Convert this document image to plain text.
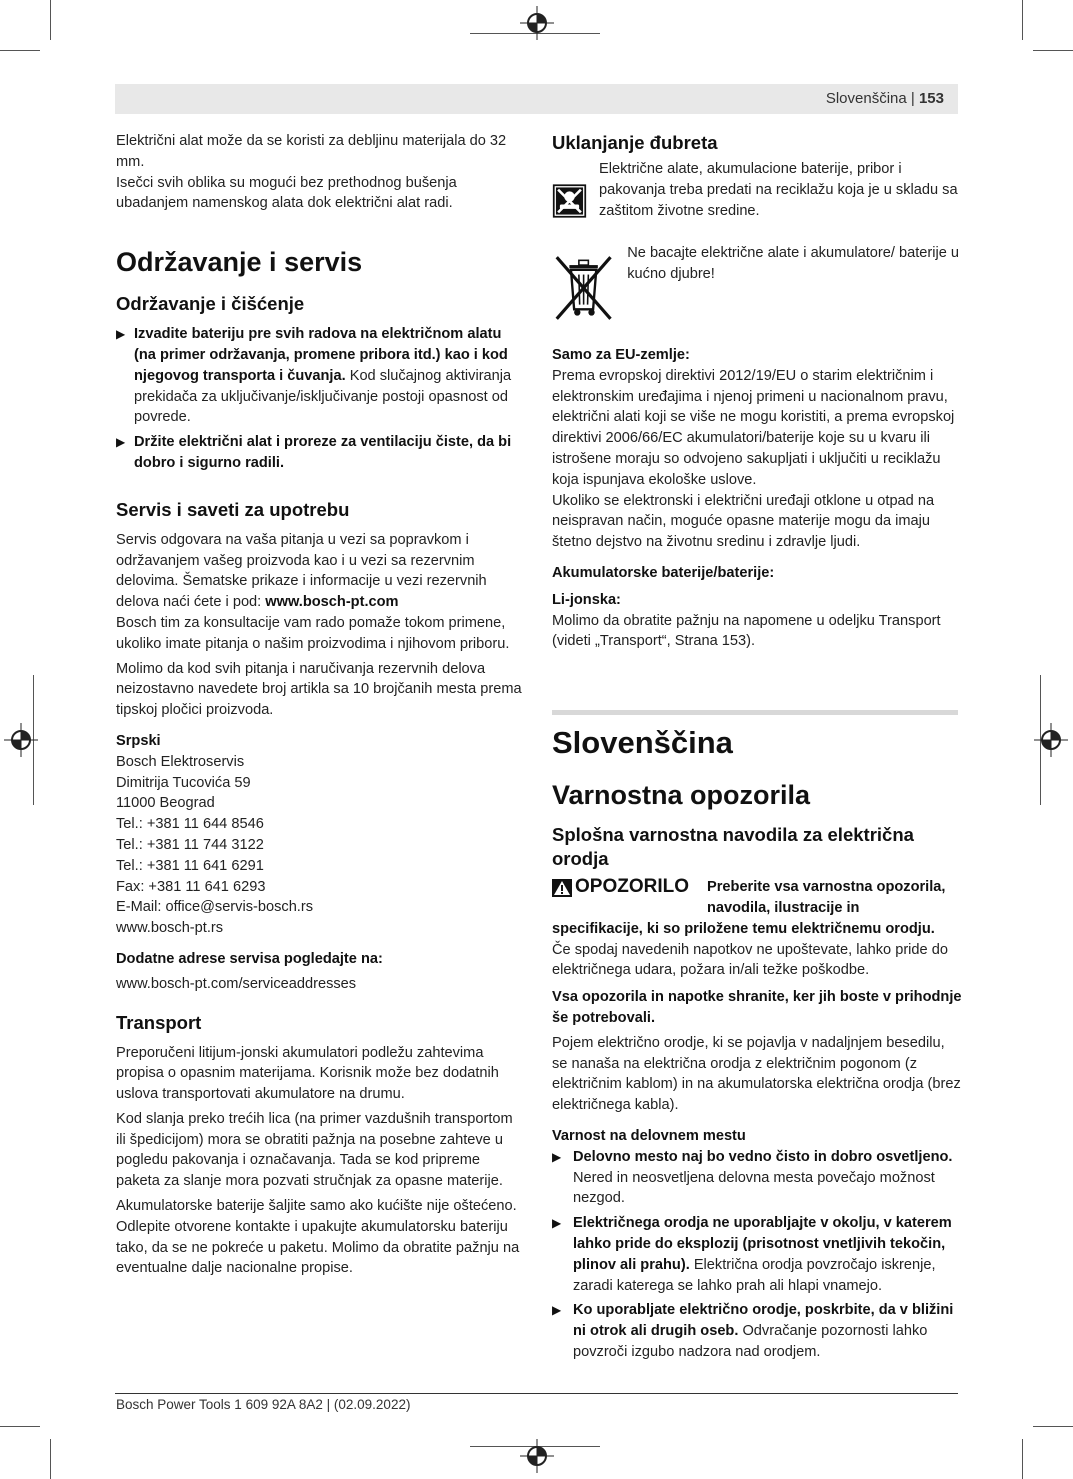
Slovenščina | 153

Električni alat može da se koristi za debljinu materijala do 32 mm.

Isečci svih oblika su mogući bez prethodnog bušenja ubadanjem namenskog alata dok električni alat radi.

Održavanje i servis
Održavanje i čišćenje
▶ Izvadite bateriju pre svih radova na električnom alatu (na primer održavanja, promene pribora itd.) kao i kod njegovog transporta i čuvanja. Kod slučajnog aktiviranja prekidača za uključivanje/isključivanje postoji opasnost od povrede.
▶ Držite električni alat i proreze za ventilaciju čiste, da bi dobro i sigurno radili.
Servis i saveti za upotrebu

Servis odgovara na vaša pitanja u vezi sa popravkom i održavanjem vašeg proizvoda kao i u vezi sa rezervnim delovima. Šematske prikaze i informacije u vezi rezervnih delova naći ćete i pod: www.bosch-pt.com

Bosch tim za konsultacije vam rado pomaže tokom primene, ukoliko imate pitanja o našim proizvodima i njihovom priboru.

Molimo da kod svih pitanja i naručivanja rezervnih delova neizostavno navedete broj artikla sa 10 brojčanih mesta prema tipskoj pločici proizvoda.

Srpski
Bosch Elektroservis
Dimitrija Tucovića 59
11000 Beograd
Tel.: +381 11 644 8546
Tel.: +381 11 744 3122
Tel.: +381 11 641 6291
Fax: +381 11 641 6293
E-Mail: office@servis-bosch.rs
www.bosch-pt.rs
Dodatne adrese servisa pogledajte na:

www.bosch-pt.com/serviceaddresses

Transport

Preporučeni litijum-jonski akumulatori podležu zahtevima propisa o opasnim materijama. Korisnik može bez dodatnih uslova transportovati akumulatore na drumu.

Kod slanja preko trećih lica (na primer vazdušnih transportom ili špedicijom) mora se obratiti pažnja na posebne zahteve u pogledu pakovanja i označavanja. Tada se kod pripreme paketa za slanje mora pozvati stručnjak za opasne materije.

Akumulatorske baterije šaljite samo ako kućište nije oštećeno. Odlepite otvorene kontakte i upakujte akumulatorsku bateriju tako, da se ne pokreće u paketu. Molimo da obratite pažnju na eventualne dalje nacionalne propise.

Uklanjanje đubreta

Električne alate, akumulacione baterije, pribor i pakovanja treba predati na reciklažu koja je u skladu sa zaštitom životne sredine.

Ne bacajte električne alate i akumulatore/ baterije u kućno djubre!

Samo za EU-zemlje:

Prema evropskoj direktivi 2012/19/EU o starim električnim i elektronskim uređajima i njenoj primeni u nacionalnom pravu, električni alati koji se više ne mogu koristiti, a prema evropskoj direktivi 2006/66/EC akumulatori/baterije koje su u kvaru ili istrošene moraju so odvojeno sakupljati i uključiti u reciklažu koja ispunjava ekološke uslove.

Ukoliko se elektronski i električni uređaji otklone u otpad na neispravan način, moguće opasne materije mogu da imaju štetno dejstvo na životnu sredinu i zdravlje ljudi.

Akumulatorske baterije/baterije:
Li-jonska:

Molimo da obratite pažnju na napomene u odeljku Transport (videti „Transport“, Strana 153).

Slovenščina
Varnostna opozorila
Splošna varnostna navodila za električna orodja
OPOZORILO Preberite vsa varnostna opozorila, navodila, ilustracije in

specifikacije, ki so priložene temu električnemu orodju.

Če spodaj navedenih napotkov ne upoštevate, lahko pride do električnega udara, požara in/ali težke poškodbe.

Vsa opozorila in napotke shranite, ker jih boste v prihodnje še potrebovali.

Pojem električno orodje, ki se pojavlja v nadaljnjem besedilu, se nanaša na električna orodja z električnim pogonom (z električnim kablom) in na akumulatorska električna orodja (brez električnega kabla).

Varnost na delovnem mestu
▶ Delovno mesto naj bo vedno čisto in dobro osvetljeno. Nered in neosvetljena delovna mesta povečajo možnost nezgod.
▶ Električnega orodja ne uporabljajte v okolju, v katerem lahko pride do eksplozij (prisotnost vnetljivih tekočin, plinov ali prahu). Električna orodja povzročajo iskrenje, zaradi katerega se lahko prah ali hlapi vnamejo.
▶ Ko uporabljate električno orodje, poskrbite, da v bližini ni otrok ali drugih oseb. Odvračanje pozornosti lahko povzroči izgubo nadzora nad orodjem.
Bosch Power Tools 1 609 92A 8A2 | (02.09.2022)
